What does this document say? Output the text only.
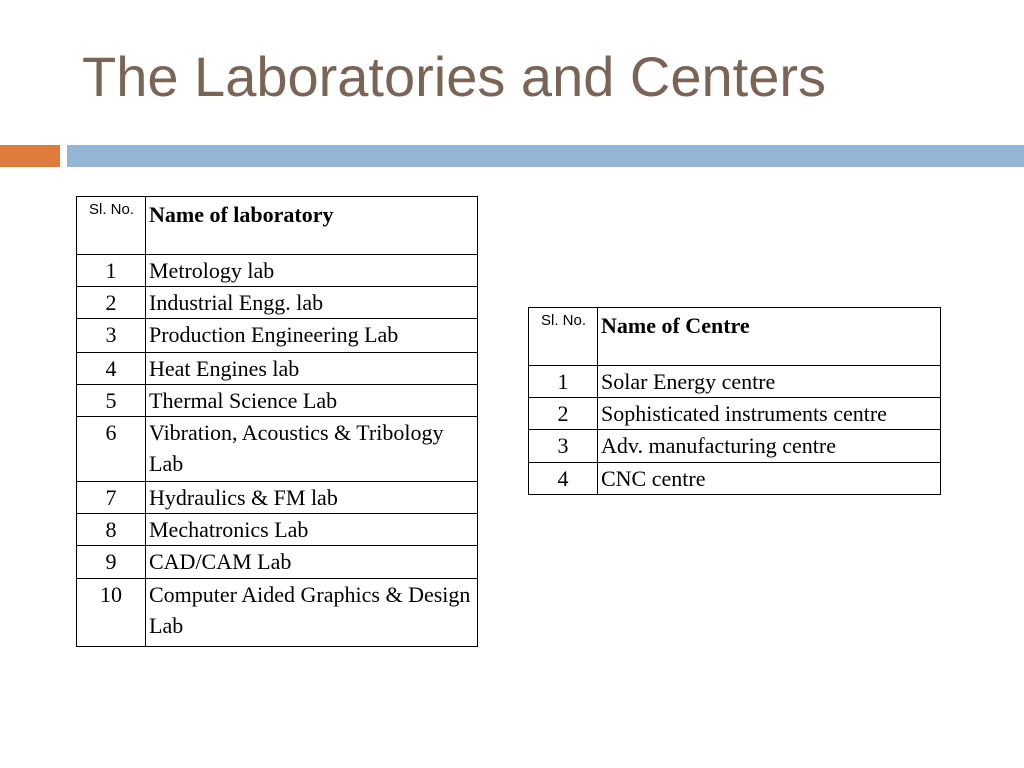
The Laboratories and Centers
Sl. No.	Name of laboratory
1	Metrology lab
2	Industrial Engg. lab
3	Production Engineering Lab
4	Heat Engines lab
5	Thermal Science Lab
6	Vibration, Acoustics & Tribology Lab
7	Hydraulics & FM lab
8	Mechatronics Lab
9	CAD/CAM Lab
10	Computer Aided Graphics & Design Lab
Sl. No.	Name of Centre
1	Solar Energy centre
2	Sophisticated instruments centre
3	Adv. manufacturing centre
4	CNC centre
